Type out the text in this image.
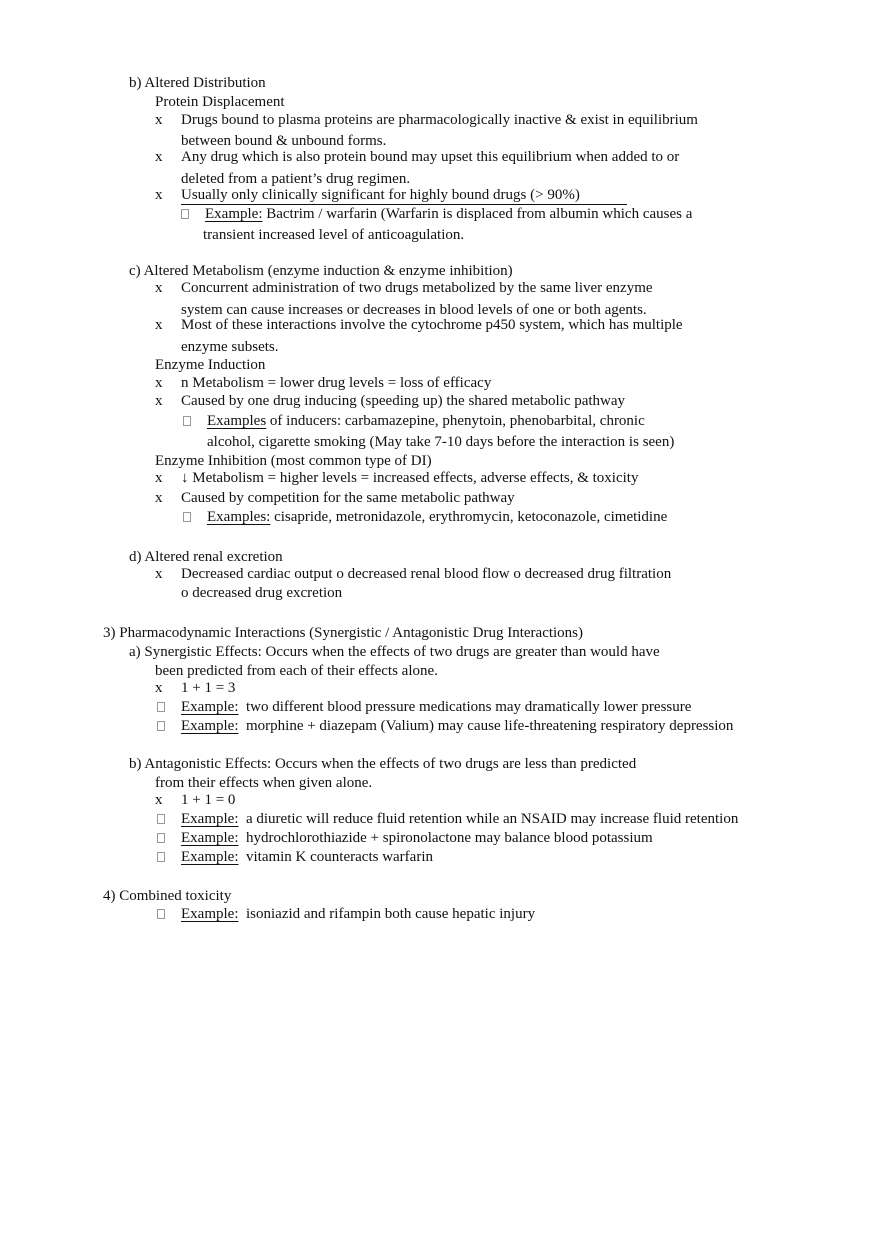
b) Altered Distribution
Protein Displacement
x Drugs bound to plasma proteins are pharmacologically inactive & exist in equilibrium
between bound & unbound forms.
x Any drug which is also protein bound may upset this equilibrium when added to or
deleted from a patient’s drug regimen.
x Usually only clinically significant for highly bound drugs (> 90%)
Example: Bactrim / warfarin (Warfarin is displaced from albumin which causes a
transient increased level of anticoagulation.
c) Altered Metabolism (enzyme induction & enzyme inhibition)
x Concurrent administration of two drugs metabolized by the same liver enzyme
system can cause increases or decreases in blood levels of one or both agents.
x Most of these interactions involve the cytochrome p450 system, which has multiple
enzyme subsets.
Enzyme Induction
x n Metabolism = lower drug levels = loss of efficacy
x Caused by one drug inducing (speeding up) the shared metabolic pathway
Examples of inducers: carbamazepine, phenytoin, phenobarbital, chronic
alcohol, cigarette smoking (May take 7-10 days before the interaction is seen)
Enzyme Inhibition (most common type of DI)
x ↓ Metabolism = higher levels = increased effects, adverse effects, & toxicity
x Caused by competition for the same metabolic pathway
Examples: cisapride, metronidazole, erythromycin, ketoconazole, cimetidine
d) Altered renal excretion
x Decreased cardiac output o decreased renal blood flow o decreased drug filtration
o decreased drug excretion
3) Pharmacodynamic Interactions (Synergistic / Antagonistic Drug Interactions)
a) Synergistic Effects: Occurs when the effects of two drugs are greater than would have
been predicted from each of their effects alone.
x 1 + 1 = 3
Example: two different blood pressure medications may dramatically lower pressure
Example: morphine + diazepam (Valium) may cause life-threatening respiratory depression
b) Antagonistic Effects: Occurs when the effects of two drugs are less than predicted
from their effects when given alone.
x 1 + 1 = 0
Example: a diuretic will reduce fluid retention while an NSAID may increase fluid retention
Example: hydrochlorothiazide + spironolactone may balance blood potassium
Example: vitamin K counteracts warfarin
4) Combined toxicity
Example: isoniazid and rifampin both cause hepatic injury
